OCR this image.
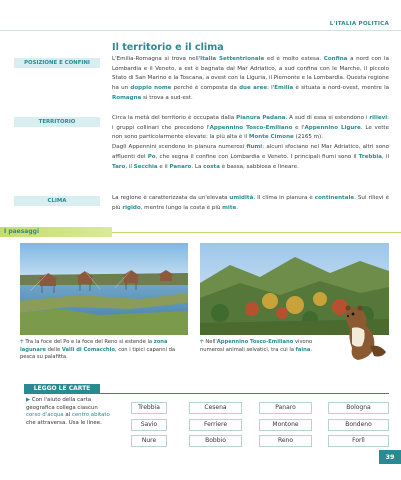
L'ITALIA POLITICA
Il territorio e il clima
POSIZIONE E CONFINI
TERRITORIO
CLIMA
L'Emilia-Romagna si trova nell'Italia Settentrionale ed è molto estesa. Confina a nord con la Lombardia e il Veneto, a est è bagnata dal Mar Adriatico, a sud confina con le Marche, il piccolo Stato di San Marino e la Toscana, a ovest con la Liguria, il Piemonte e la Lombardia. Questa regione ha un doppio nome perché è composta da due aree: l'Emilia è situata a nord-ovest, mentre la Romagna si trova a sud-est.
Circa la metà del territorio è occupata dalla Pianura Padana. A sud di essa si estendono i rilievi: i gruppi collinari che precedono l'Appennino Tosco-Emiliano e l'Appennino Ligure. Le vette non sono particolarmente elevate: la più alta è il Monte Cimone (2165 m).
Dagli Appennini scendono in pianura numerosi fiumi: alcuni sfociano nel Mar Adriatico, altri sono affluenti del Po, che segna il confine con Lombardia e Veneto. I principali fiumi sono il Trebbia, il Taro, il Secchia e il Panaro. La costa è bassa, sabbiosa e lineare.
La regione è caratterizzata da un'elevata umidità. Il clima in pianura è continentale. Sui rilievi è più rigido, mentre lungo la costa è più mite.
I paesaggi
🡡 Tra la foce del Po e la foce del Reno si estende la zona lagunare delle Valli di Comacchio, con i tipici capanni da pesca su palafitta.
🡡 Nell'Appennino Tosco-Emiliano vivono numerosi animali selvatici, tra cui la faina.
LEGGO LE CARTE
▶ Con l'aiuto della carta geografica collega ciascun corso d'acqua al centro abitato che attraversa. Usa le linee.
Trebbia
Savio
Nure
Cesena
Ferriere
Bobbio
Panaro
Montone
Reno
Bologna
Bondeno
Forlì
39
